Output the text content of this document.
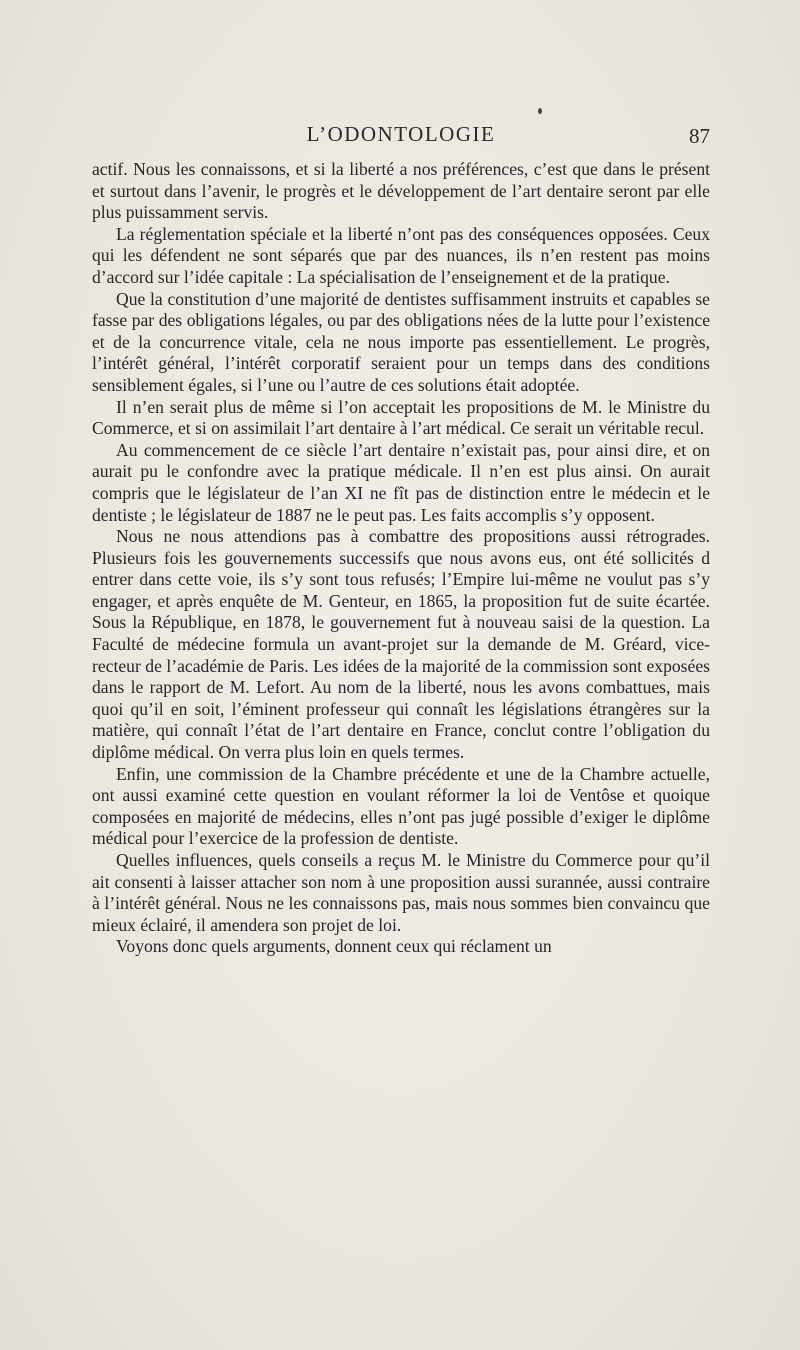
L’ODONTOLOGIE	87

actif. Nous les connaissons, et si la liberté a nos préférences, c’est que dans le présent et surtout dans l’avenir, le progrès et le développement de l’art dentaire seront par elle plus puissamment servis.

La réglementation spéciale et la liberté n’ont pas des conséquences opposées. Ceux qui les défendent ne sont séparés que par des nuances, ils n’en restent pas moins d’accord sur l’idée capitale : La spécialisation de l’enseignement et de la pratique.

Que la constitution d’une majorité de dentistes suffisamment instruits et capables se fasse par des obligations légales, ou par des obligations nées de la lutte pour l’existence et de la concurrence vitale, cela ne nous importe pas essentiellement. Le progrès, l’intérêt général, l’intérêt corporatif seraient pour un temps dans des conditions sensiblement égales, si l’une ou l’autre de ces solutions était adoptée.

Il n’en serait plus de même si l’on acceptait les propositions de M. le Ministre du Commerce, et si on assimilait l’art dentaire à l’art médical. Ce serait un véritable recul.

Au commencement de ce siècle l’art dentaire n’existait pas, pour ainsi dire, et on aurait pu le confondre avec la pratique médicale. Il n’en est plus ainsi. On aurait compris que le législateur de l’an XI ne fît pas de distinction entre le médecin et le dentiste ; le législateur de 1887 ne le peut pas. Les faits accomplis s’y opposent.

Nous ne nous attendions pas à combattre des propositions aussi rétrogrades. Plusieurs fois les gouvernements successifs que nous avons eus, ont été sollicités d entrer dans cette voie, ils s’y sont tous refusés; l’Empire lui-même ne voulut pas s’y engager, et après enquête de M. Genteur, en 1865, la proposition fut de suite écartée. Sous la République, en 1878, le gouvernement fut à nouveau saisi de la question. La Faculté de médecine formula un avant-projet sur la demande de M. Gréard, vice-recteur de l’académie de Paris. Les idées de la majorité de la commission sont exposées dans le rapport de M. Lefort. Au nom de la liberté, nous les avons combattues, mais quoi qu’il en soit, l’éminent professeur qui connaît les législations étrangères sur la matière, qui connaît l’état de l’art dentaire en France, conclut contre l’obligation du diplôme médical. On verra plus loin en quels termes.

Enfin, une commission de la Chambre précédente et une de la Chambre actuelle, ont aussi examiné cette question en voulant réformer la loi de Ventôse et quoique composées en majorité de médecins, elles n’ont pas jugé possible d’exiger le diplôme médical pour l’exercice de la profession de dentiste.

Quelles influences, quels conseils a reçus M. le Ministre du Commerce pour qu’il ait consenti à laisser attacher son nom à une proposition aussi surannée, aussi contraire à l’intérêt général. Nous ne les connaissons pas, mais nous sommes bien convaincu que mieux éclairé, il amendera son projet de loi.

Voyons donc quels arguments, donnent ceux qui réclament un
